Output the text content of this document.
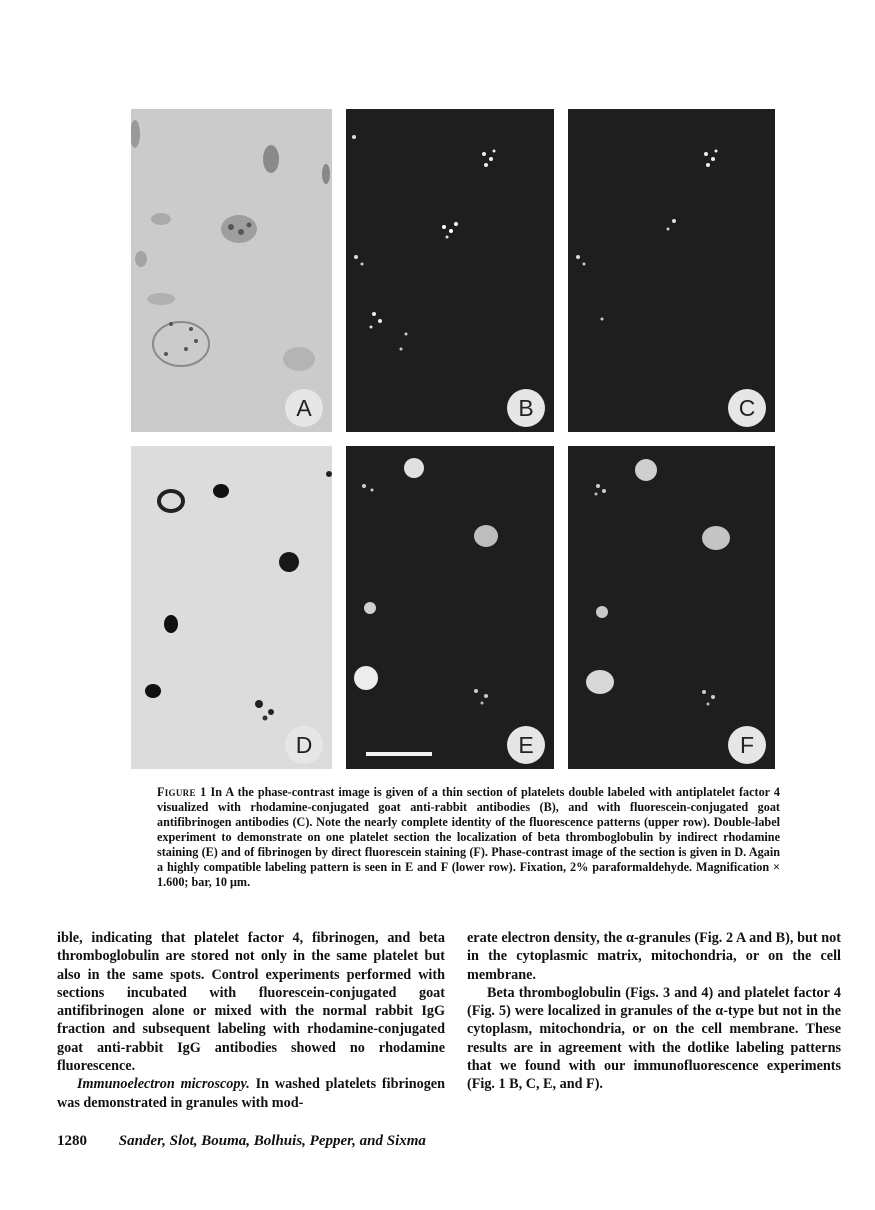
A	B	C
D	E	F
Figure 1 In A the phase-contrast image is given of a thin section of platelets double labeled with antiplatelet factor 4 visualized with rhodamine-conjugated goat anti-rabbit antibodies (B), and with fluorescein-conjugated goat antifibrinogen antibodies (C). Note the nearly complete identity of the fluorescence patterns (upper row). Double-label experiment to demonstrate on one platelet section the localization of beta thromboglobulin by indirect rhodamine staining (E) and of fibrinogen by direct fluorescein staining (F). Phase-contrast image of the section is given in D. Again a highly compatible labeling pattern is seen in E and F (lower row). Fixation, 2% paraformaldehyde. Magnification × 1.600; bar, 10 μm.

ible, indicating that platelet factor 4, fibrinogen, and beta thromboglobulin are stored not only in the same platelet but also in the same spots. Control experiments performed with sections incubated with fluorescein-conjugated goat antifibrinogen alone or mixed with the normal rabbit IgG fraction and subsequent labeling with rhodamine-conjugated goat anti-rabbit IgG antibodies showed no rhodamine fluorescence.

Immunoelectron microscopy. In washed platelets fibrinogen was demonstrated in granules with mod-

erate electron density, the α-granules (Fig. 2 A and B), but not in the cytoplasmic matrix, mitochondria, or on the cell membrane.

Beta thromboglobulin (Figs. 3 and 4) and platelet factor 4 (Fig. 5) were localized in granules of the α-type but not in the cytoplasm, mitochondria, or on the cell membrane. These results are in agreement with the dotlike labeling patterns that we found with our immunofluorescence experiments (Fig. 1 B, C, E, and F).

1280 Sander, Slot, Bouma, Bolhuis, Pepper, and Sixma
